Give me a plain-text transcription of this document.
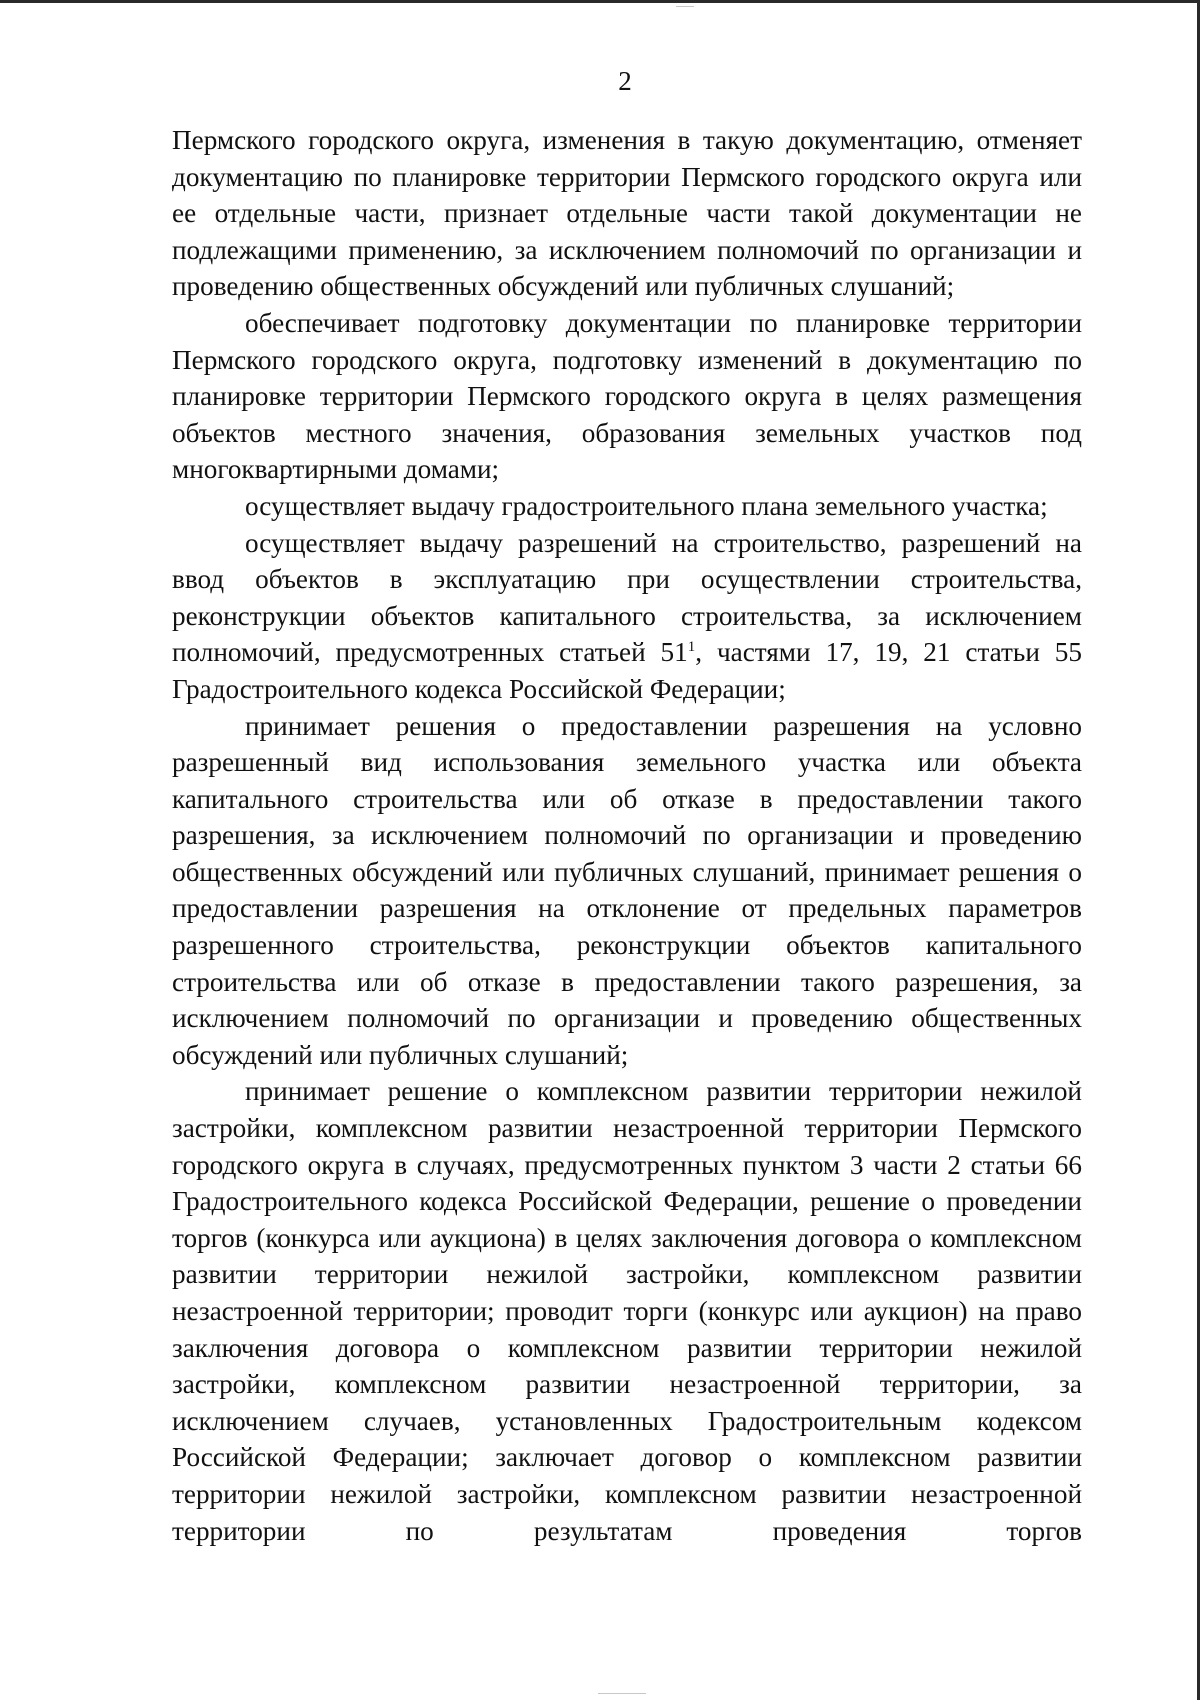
2

Пермского городского округа, изменения в такую документацию, отменяет документацию по планировке территории Пермского городского округа или ее отдельные части, признает отдельные части такой документации не подлежащими применению, за исключением полномочий по организации и проведению общественных обсуждений или публичных слушаний;

обеспечивает подготовку документации по планировке территории Пермского городского округа, подготовку изменений в документацию по планировке территории Пермского городского округа в целях размещения объектов местного значения, образования земельных участков под многоквартирными домами;

осуществляет выдачу градостроительного плана земельного участка;

осуществляет выдачу разрешений на строительство, разрешений на ввод объектов в эксплуатацию при осуществлении строительства, реконструкции объектов капитального строительства, за исключением полномочий, предусмотренных статьей $51^1$, частями 17, 19, 21 статьи 55 Градостроительного кодекса Российской Федерации;

принимает решения о предоставлении разрешения на условно разрешенный вид использования земельного участка или объекта капитального строительства или об отказе в предоставлении такого разрешения, за исключением полномочий по организации и проведению общественных обсуждений или публичных слушаний, принимает решения о предоставлении разрешения на отклонение от предельных параметров разрешенного строительства, реконструкции объектов капитального строительства или об отказе в предоставлении такого разрешения, за исключением полномочий по организации и проведению общественных обсуждений или публичных слушаний;

принимает решение о комплексном развитии территории нежилой застройки, комплексном развитии незастроенной территории Пермского городского округа в случаях, предусмотренных пунктом 3 части 2 статьи 66 Градостроительного кодекса Российской Федерации, решение о проведении торгов (конкурса или аукциона) в целях заключения договора о комплексном развитии территории нежилой застройки, комплексном развитии незастроенной территории; проводит торги (конкурс или аукцион) на право заключения договора о комплексном развитии территории нежилой застройки, комплексном развитии незастроенной территории, за исключением случаев, установленных Градостроительным кодексом Российской Федерации; заключает договор о комплексном развитии территории нежилой застройки, комплексном развитии незастроенной территории по результатам проведения торгов
